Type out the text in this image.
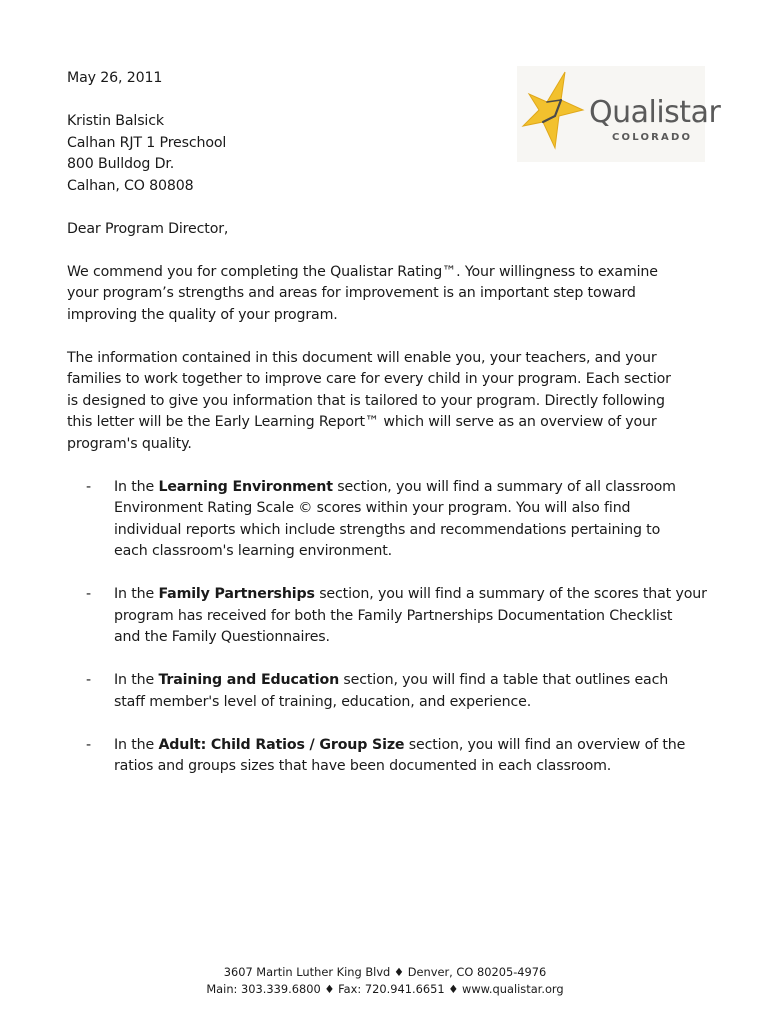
Qualistar
COLORADO
May 26, 2011
Kristin Balsick
Calhan RJT 1 Preschool
800 Bulldog Dr.
Calhan, CO 80808
Dear Program Director,
We commend you for completing the Qualistar Rating™. Your willingness to examine
your program’s strengths and areas for improvement is an important step toward
improving the quality of your program.
The information contained in this document will enable you, your teachers, and your
families to work together to improve care for every child in your program. Each sectior
is designed to give you information that is tailored to your program. Directly following
this letter will be the Early Learning Report™ which will serve as an overview of your
program's quality.
- In the Learning Environment section, you will find a summary of all classroom
Environment Rating Scale © scores within your program. You will also find
individual reports which include strengths and recommendations pertaining to
each classroom's learning environment.
- In the Family Partnerships section, you will find a summary of the scores that your
program has received for both the Family Partnerships Documentation Checklist
and the Family Questionnaires.
- In the Training and Education section, you will find a table that outlines each
staff member's level of training, education, and experience.
- In the Adult: Child Ratios / Group Size section, you will find an overview of the
ratios and groups sizes that have been documented in each classroom.
3607 Martin Luther King Blvd ♦ Denver, CO 80205-4976
Main: 303.339.6800 ♦ Fax: 720.941.6651 ♦ www.qualistar.org
